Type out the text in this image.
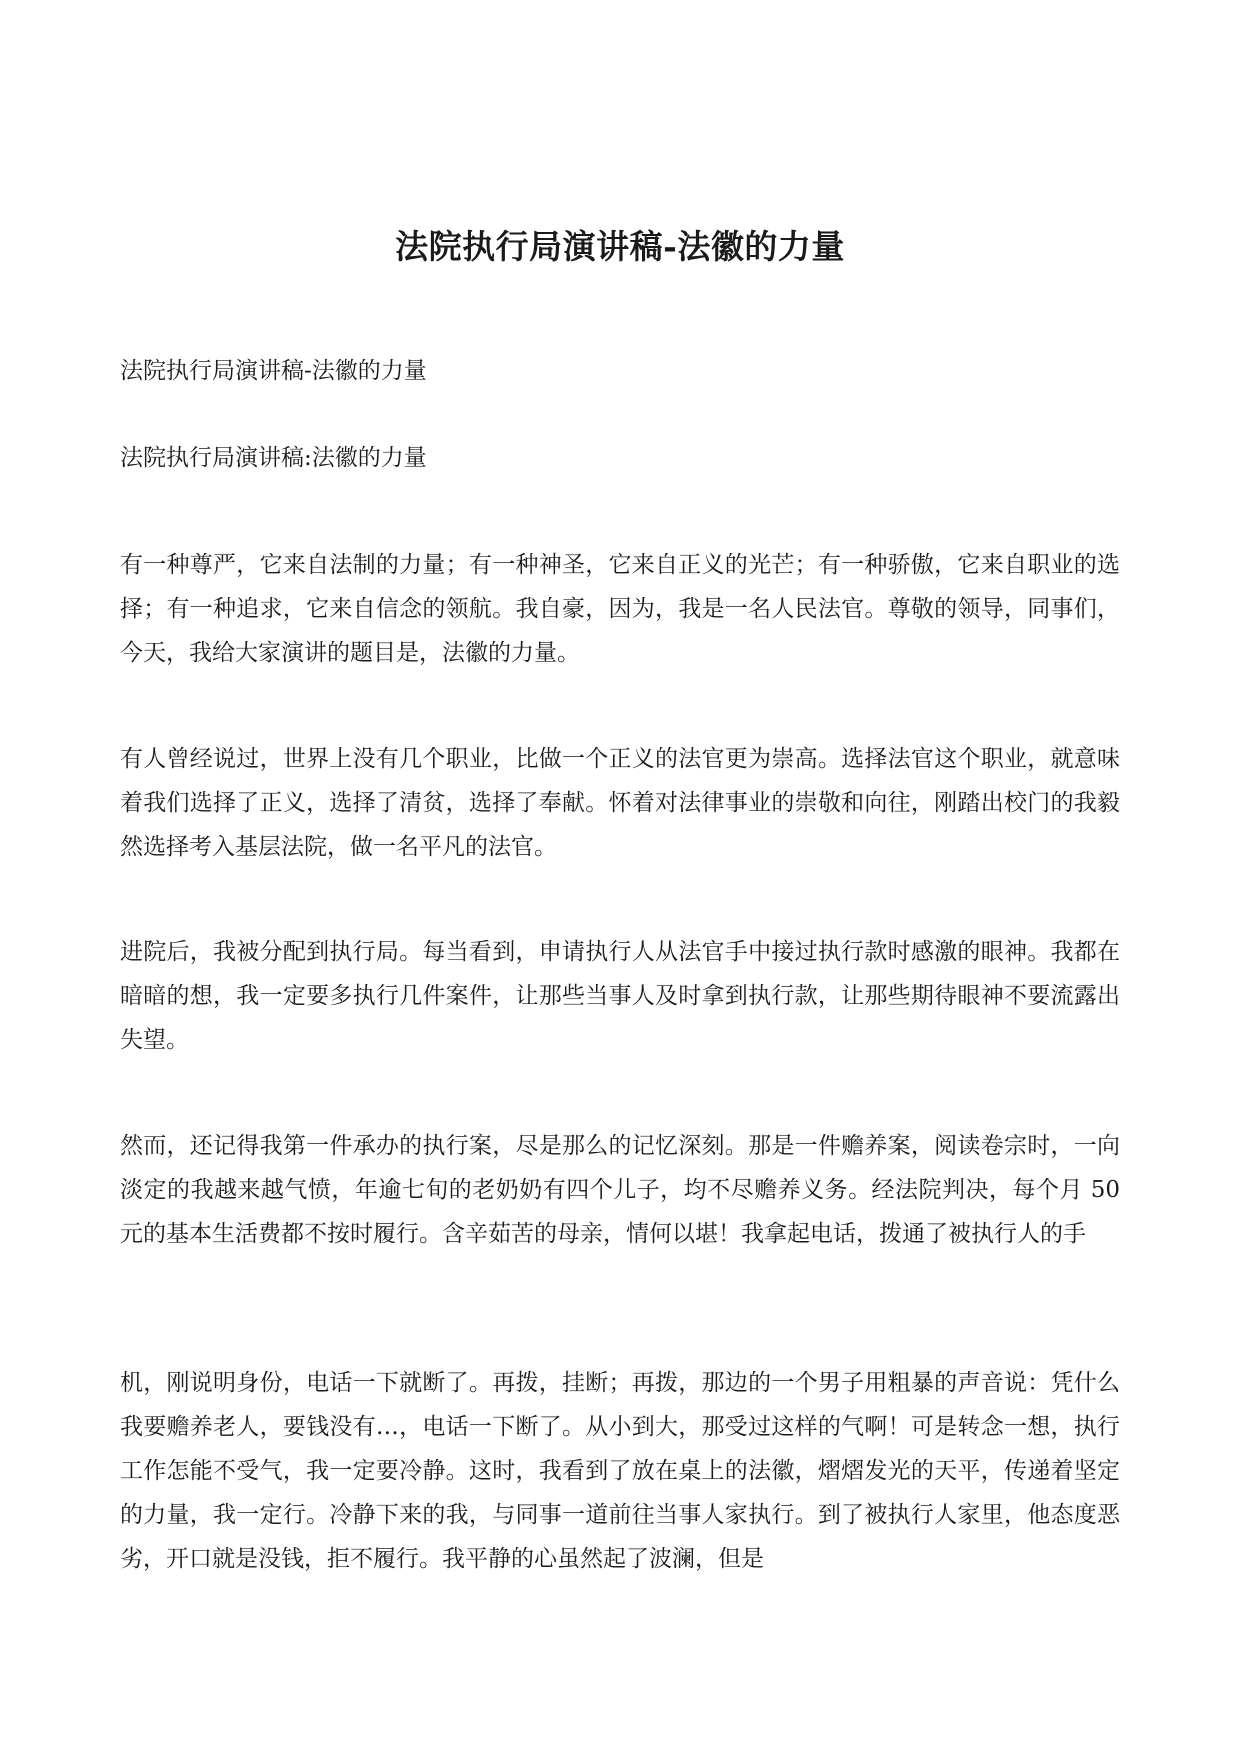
法院执行局演讲稿-法徽的力量

法院执行局演讲稿-法徽的力量

法院执行局演讲稿:法徽的力量

有一种尊严，它来自法制的力量；有一种神圣，它来自正义的光芒；有一种骄傲，它来自职业的选择；有一种追求，它来自信念的领航。我自豪，因为，我是一名人民法官。尊敬的领导，同事们，今天，我给大家演讲的题目是，法徽的力量。

有人曾经说过，世界上没有几个职业，比做一个正义的法官更为崇高。选择法官这个职业，就意味着我们选择了正义，选择了清贫，选择了奉献。怀着对法律事业的崇敬和向往，刚踏出校门的我毅然选择考入基层法院，做一名平凡的法官。

进院后，我被分配到执行局。每当看到，申请执行人从法官手中接过执行款时感激的眼神。我都在暗暗的想，我一定要多执行几件案件，让那些当事人及时拿到执行款，让那些期待眼神不要流露出失望。

然而，还记得我第一件承办的执行案，尽是那么的记忆深刻。那是一件赡养案，阅读卷宗时，一向淡定的我越来越气愤，年逾七旬的老奶奶有四个儿子，均不尽赡养义务。经法院判决，每个月 50 元的基本生活费都不按时履行。含辛茹苦的母亲，情何以堪！我拿起电话，拨通了被执行人的手

机，刚说明身份，电话一下就断了。再拨，挂断；再拨，那边的一个男子用粗暴的声音说：凭什么我要赡养老人，要钱没有…，电话一下断了。从小到大，那受过这样的气啊！可是转念一想，执行工作怎能不受气，我一定要冷静。这时，我看到了放在桌上的法徽，熠熠发光的天平，传递着坚定的力量，我一定行。冷静下来的我，与同事一道前往当事人家执行。到了被执行人家里，他态度恶劣，开口就是没钱，拒不履行。我平静的心虽然起了波澜，但是
